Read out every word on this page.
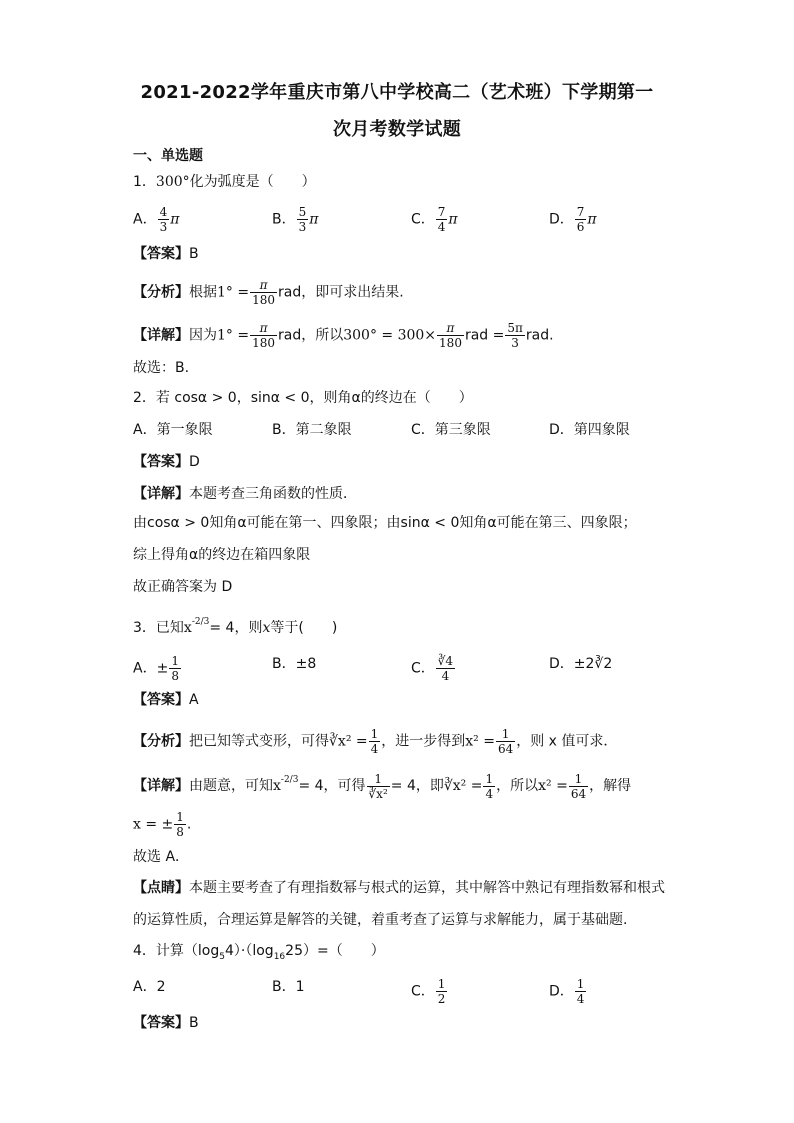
2021-2022学年重庆市第八中学校高二（艺术班）下学期第一
次月考数学试题
一、单选题
1．300°化为弧度是（　　）
A． $\frac{4}{3}$ π	B． $\frac{5}{3}$ π	C． $\frac{7}{4}$ π	D． $\frac{7}{6}$ π
【答案】B
【分析】根据$1^\circ = \frac{\pi}{180}$ rad，即可求出结果.
【详解】因为$1^\circ = \frac{\pi}{180}$ rad，所以$300^\circ = 300\times \frac{\pi}{180}$ rad = $\frac{5\pi}{3}$ rad.
故选：B.
2．若 cosα > 0，sinα < 0，则角α的终边在（　　）
A．第一象限	B．第二象限	C．第三象限	D．第四象限
【答案】D
【详解】本题考查三角函数的性质．
由cosα > 0知角α可能在第一、四象限；由sinα < 0知角α可能在第三、四象限；
综上得角α的终边在箱四象限
故正确答案为 D
3．已知$x^{-2/3}= 4$，则x等于(　　)
A．± $\frac{1}{8}$	B．±8	C． $\frac{∛4}{4}$	D．±2∛2
【答案】A
【分析】把已知等式变形，可得∛x² = $\frac{1}{4}$ ，进一步得到$x^2 = \frac{1}{64}$ ，则 x 值可求．
【详解】由题意，可知$x^{-2/3}= 4$，可得 $\frac{1}{\text{∛x²}} = 4$，即∛x² = $\frac{1}{4}$ ，所以$x^2 = \frac{1}{64}$ ，解得
x = ± $\frac{1}{8}$ .
故选 A．
【点睛】本题主要考查了有理指数幂与根式的运算，其中解答中熟记有理指数幂和根式
的运算性质，合理运算是解答的关键，着重考查了运算与求解能力，属于基础题.
4．计算$(\log_54)\cdot(\log_{16}25)=$（　　）
A．2	B．1	C． $\frac{1}{2}$	D． $\frac{1}{4}$
【答案】B
